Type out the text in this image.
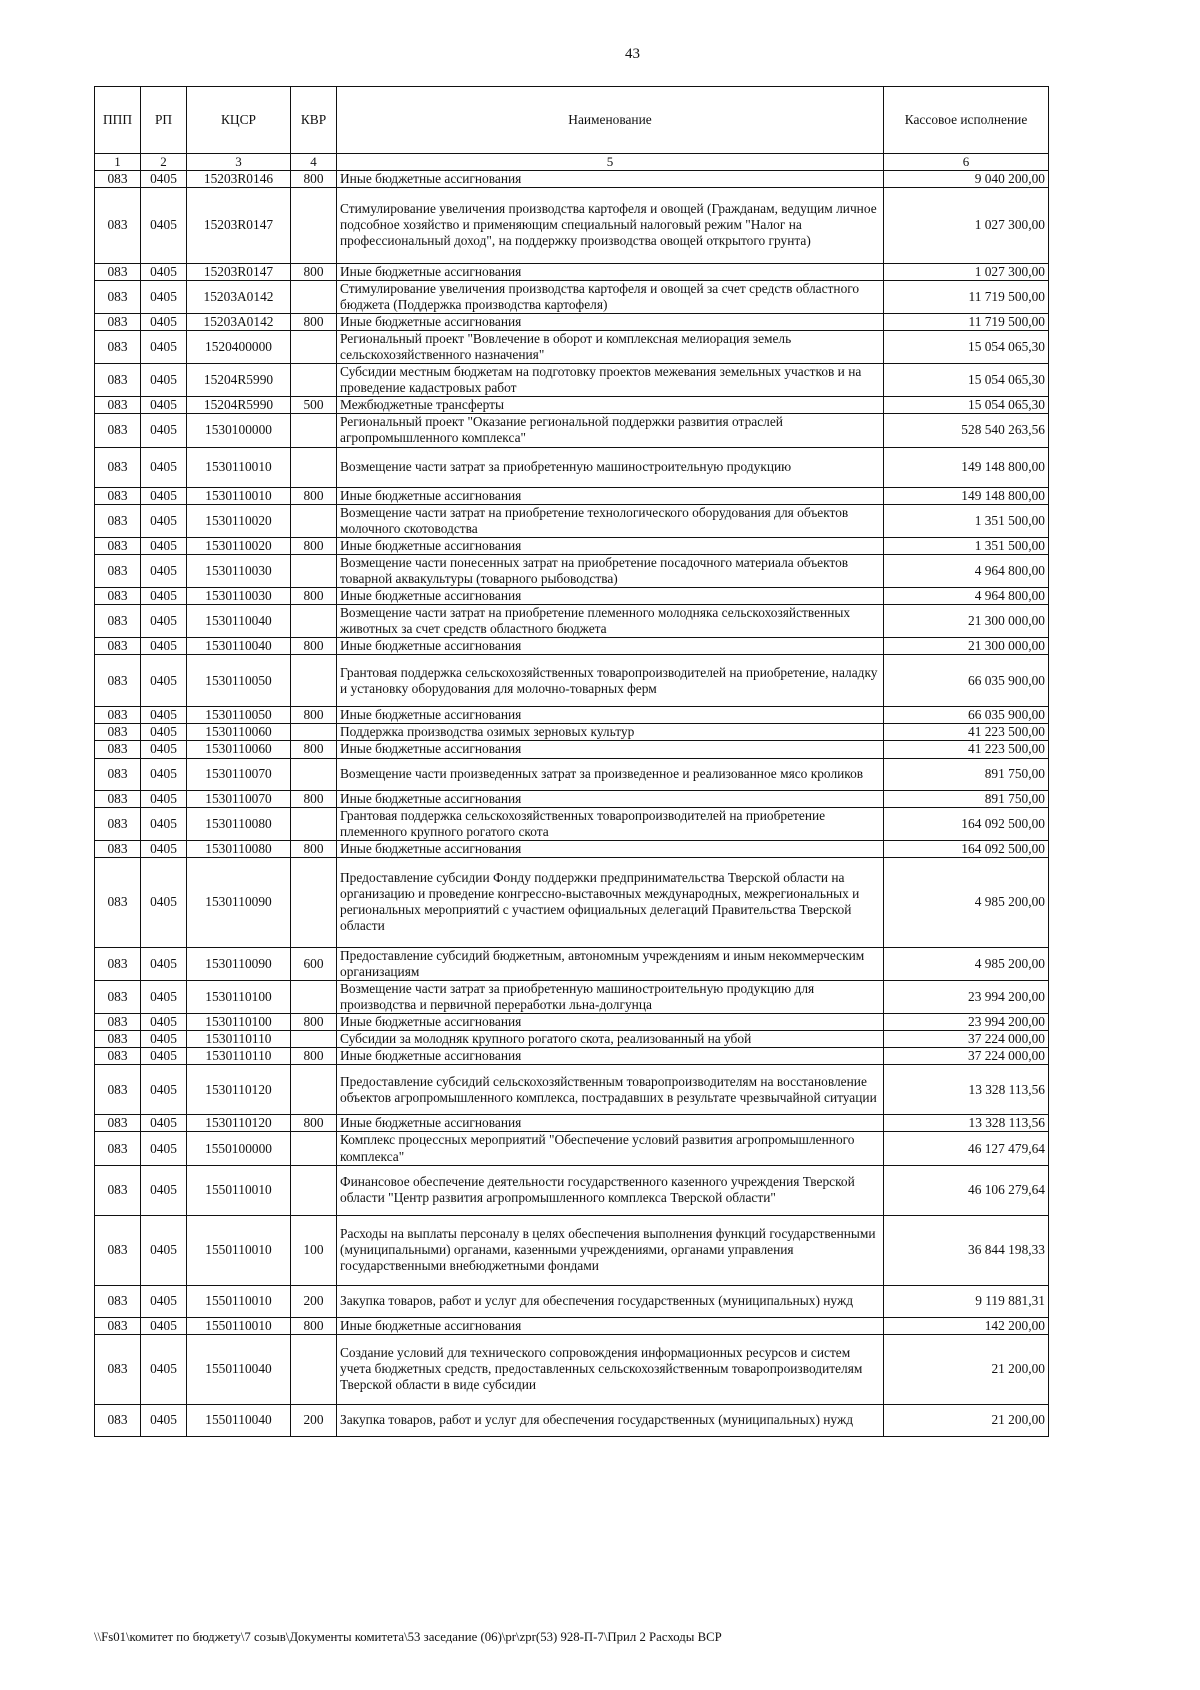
43
ППП	РП	КЦСР	КВР	Наименование	Кассовое исполнение
1	2	3	4	5	6
083	0405	15203R0146	800	Иные бюджетные ассигнования	9 040 200,00
083	0405	15203R0147		Стимулирование увеличения производства картофеля и овощей (Гражданам, ведущим личное подсобное хозяйство и применяющим специальный налоговый режим "Налог на профессиональный доход", на поддержку производства овощей открытого грунта)	1 027 300,00
083	0405	15203R0147	800	Иные бюджетные ассигнования	1 027 300,00
083	0405	15203A0142		Стимулирование увеличения производства картофеля и овощей за счет средств областного бюджета (Поддержка производства картофеля)	11 719 500,00
083	0405	15203A0142	800	Иные бюджетные ассигнования	11 719 500,00
083	0405	1520400000		Региональный проект "Вовлечение в оборот и комплексная мелиорация земель сельскохозяйственного назначения"	15 054 065,30
083	0405	15204R5990		Субсидии местным бюджетам на подготовку проектов межевания земельных участков и на проведение кадастровых работ	15 054 065,30
083	0405	15204R5990	500	Межбюджетные трансферты	15 054 065,30
083	0405	1530100000		Региональный проект "Оказание региональной поддержки развития отраслей агропромышленного комплекса"	528 540 263,56
083	0405	1530110010		Возмещение части затрат за приобретенную машиностроительную продукцию	149 148 800,00
083	0405	1530110010	800	Иные бюджетные ассигнования	149 148 800,00
083	0405	1530110020		Возмещение части затрат на приобретение технологического оборудования для объектов молочного скотоводства	1 351 500,00
083	0405	1530110020	800	Иные бюджетные ассигнования	1 351 500,00
083	0405	1530110030		Возмещение части понесенных затрат на приобретение посадочного материала объектов товарной аквакультуры (товарного рыбоводства)	4 964 800,00
083	0405	1530110030	800	Иные бюджетные ассигнования	4 964 800,00
083	0405	1530110040		Возмещение части затрат на приобретение племенного молодняка сельскохозяйственных животных за счет средств областного бюджета	21 300 000,00
083	0405	1530110040	800	Иные бюджетные ассигнования	21 300 000,00
083	0405	1530110050		Грантовая поддержка сельскохозяйственных товаропроизводителей на приобретение, наладку и установку оборудования для молочно-товарных ферм	66 035 900,00
083	0405	1530110050	800	Иные бюджетные ассигнования	66 035 900,00
083	0405	1530110060		Поддержка производства озимых зерновых культур	41 223 500,00
083	0405	1530110060	800	Иные бюджетные ассигнования	41 223 500,00
083	0405	1530110070		Возмещение части произведенных затрат за произведенное и реализованное мясо кроликов	891 750,00
083	0405	1530110070	800	Иные бюджетные ассигнования	891 750,00
083	0405	1530110080		Грантовая поддержка сельскохозяйственных товаропроизводителей на приобретение племенного крупного рогатого скота	164 092 500,00
083	0405	1530110080	800	Иные бюджетные ассигнования	164 092 500,00
083	0405	1530110090		Предоставление субсидии Фонду поддержки предпринимательства Тверской области на организацию и проведение конгрессно-выставочных международных, межрегиональных и региональных мероприятий с участием официальных делегаций Правительства Тверской области	4 985 200,00
083	0405	1530110090	600	Предоставление субсидий бюджетным, автономным учреждениям и иным некоммерческим организациям	4 985 200,00
083	0405	1530110100		Возмещение части затрат за приобретенную машиностроительную продукцию для производства и первичной переработки льна-долгунца	23 994 200,00
083	0405	1530110100	800	Иные бюджетные ассигнования	23 994 200,00
083	0405	1530110110		Субсидии за молодняк крупного рогатого скота, реализованный на убой	37 224 000,00
083	0405	1530110110	800	Иные бюджетные ассигнования	37 224 000,00
083	0405	1530110120		Предоставление субсидий сельскохозяйственным товаропроизводителям на восстановление объектов агропромышленного комплекса, пострадавших в результате чрезвычайной ситуации	13 328 113,56
083	0405	1530110120	800	Иные бюджетные ассигнования	13 328 113,56
083	0405	1550100000		Комплекс процессных мероприятий "Обеспечение условий развития агропромышленного комплекса"	46 127 479,64
083	0405	1550110010		Финансовое обеспечение деятельности государственного казенного учреждения Тверской области "Центр развития агропромышленного комплекса Тверской области"	46 106 279,64
083	0405	1550110010	100	Расходы на выплаты персоналу в целях обеспечения выполнения функций государственными (муниципальными) органами, казенными учреждениями, органами управления государственными внебюджетными фондами	36 844 198,33
083	0405	1550110010	200	Закупка товаров, работ и услуг для обеспечения государственных (муниципальных) нужд	9 119 881,31
083	0405	1550110010	800	Иные бюджетные ассигнования	142 200,00
083	0405	1550110040		Создание условий для технического сопровождения информационных ресурсов и систем учета бюджетных средств, предоставленных сельскохозяйственным товаропроизводителям Тверской области в виде субсидии	21 200,00
083	0405	1550110040	200	Закупка товаров, работ и услуг для обеспечения государственных (муниципальных) нужд	21 200,00
\\Fs01\комитет по бюджету\7 созыв\Документы комитета\53 заседание (06)\pr\zpr(53) 928-П-7\Прил 2 Расходы ВСР
